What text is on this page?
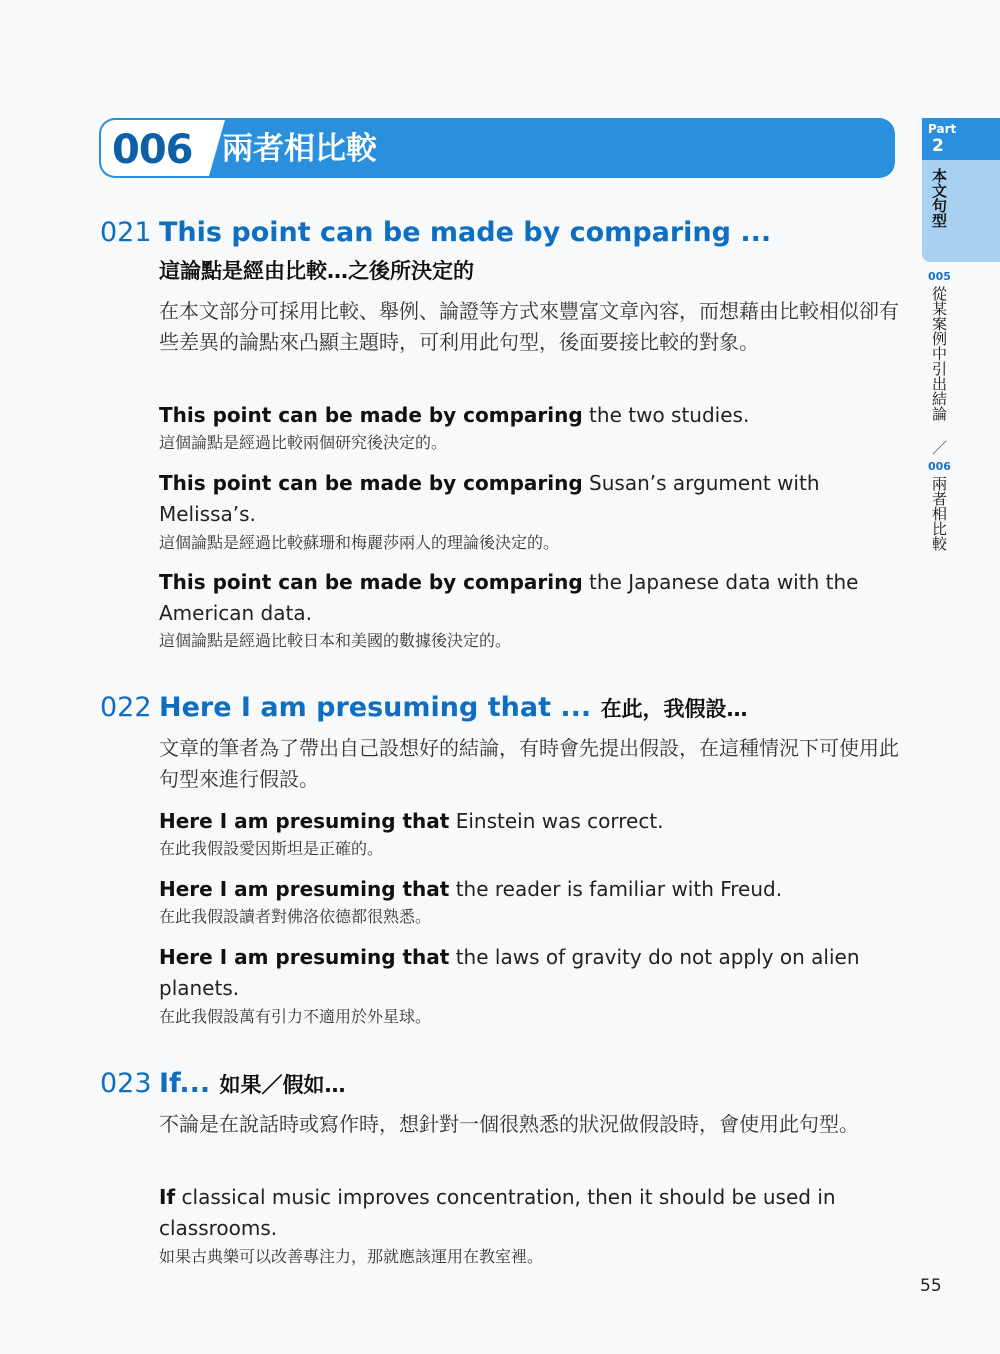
006 兩者相比較
Part
2
本文句型
005
從某案例中引出結論
／
006
兩者相比較
021 This point can be made by comparing ...
這論點是經由比較…之後所決定的
在本文部分可採用比較、舉例、論證等方式來豐富文章內容，而想藉由比較相似卻有些差異的論點來凸顯主題時，可利用此句型，後面要接比較的對象。
This point can be made by comparing the two studies.
這個論點是經過比較兩個研究後決定的。
This point can be made by comparing Susan’s argument with Melissa’s.
這個論點是經過比較蘇珊和梅麗莎兩人的理論後決定的。
This point can be made by comparing the Japanese data with the American data.
這個論點是經過比較日本和美國的數據後決定的。
022 Here I am presuming that ... 在此，我假設…
文章的筆者為了帶出自己設想好的結論，有時會先提出假設，在這種情況下可使用此句型來進行假設。
Here I am presuming that Einstein was correct.
在此我假設愛因斯坦是正確的。
Here I am presuming that the reader is familiar with Freud.
在此我假設讀者對佛洛依德都很熟悉。
Here I am presuming that the laws of gravity do not apply on alien planets.
在此我假設萬有引力不適用於外星球。
023 If... 如果／假如…
不論是在說話時或寫作時，想針對一個很熟悉的狀況做假設時，會使用此句型。
If classical music improves concentration, then it should be used in classrooms.
如果古典樂可以改善專注力，那就應該運用在教室裡。
55
